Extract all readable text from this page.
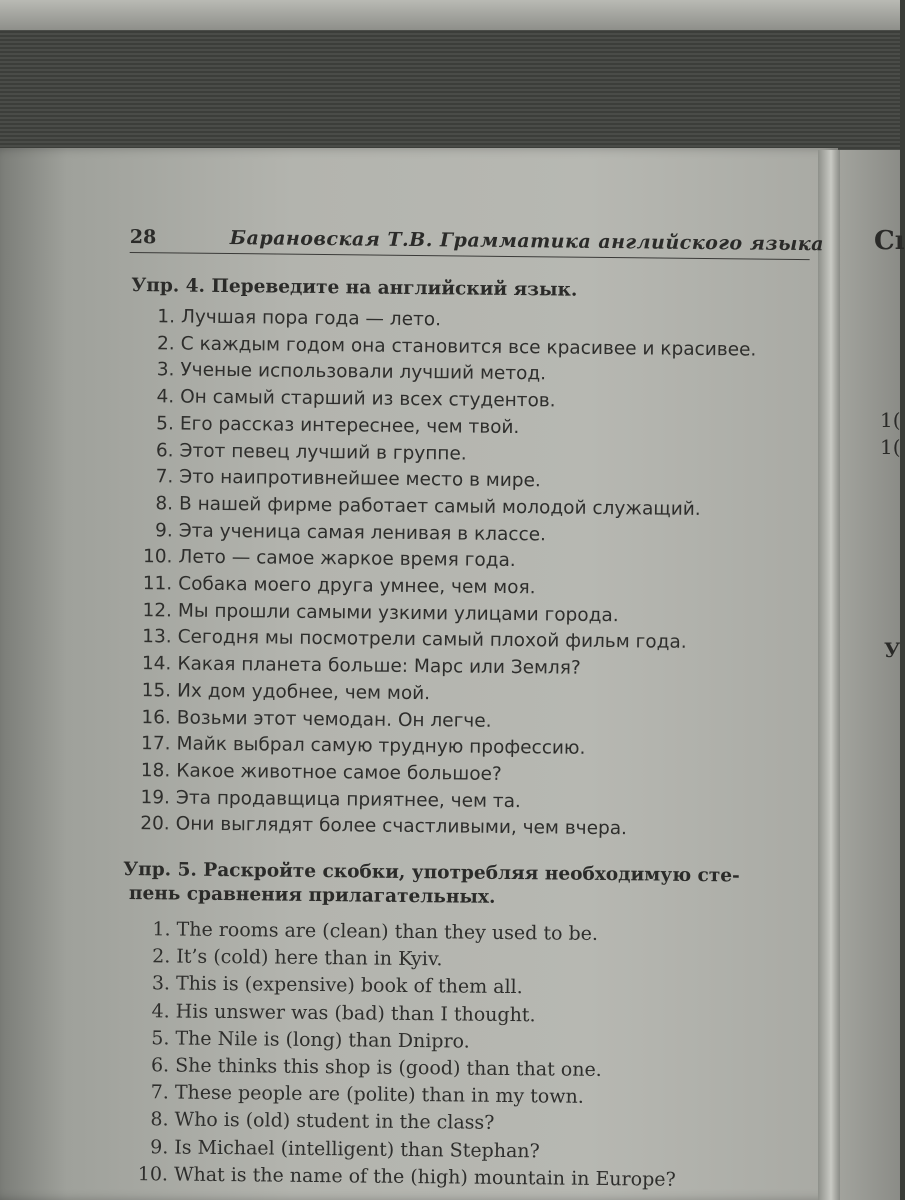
Сı
1(
1(
У
28	Барановская Т.В. Грамматика английского языка
Упр. 4. Переведите на английский язык.
1. Лучшая пора года — лето.
2. С каждым годом она становится все красивее и красивее.
3. Ученые использовали лучший метод.
4. Он самый старший из всех студентов.
5. Его рассказ интереснее, чем твой.
6. Этот певец лучший в группе.
7. Это наипротивнейшее место в мире.
8. В нашей фирме работает самый молодой служащий.
9. Эта ученица самая ленивая в классе.
10. Лето — самое жаркое время года.
11. Собака моего друга умнее, чем моя.
12. Мы прошли самыми узкими улицами города.
13. Сегодня мы посмотрели самый плохой фильм года.
14. Какая планета больше: Марс или Земля?
15. Их дом удобнее, чем мой.
16. Возьми этот чемодан. Он легче.
17. Майк выбрал самую трудную профессию.
18. Какое животное самое большое?
19. Эта продавщица приятнее, чем та.
20. Они выглядят более счастливыми, чем вчера.
Упр. 5. Раскройте скобки, употребляя необходимую сте-
пень сравнения прилагательных.
1. The rooms are (clean) than they used to be.
2. It’s (cold) here than in Kyiv.
3. This is (expensive) book of them all.
4. His unswer was (bad) than I thought.
5. The Nile is (long) than Dnipro.
6. She thinks this shop is (good) than that one.
7. These people are (polite) than in my town.
8. Who is (old) student in the class?
9. Is Michael (intelligent) than Stephan?
10. What is the name of the (high) mountain in Europe?
